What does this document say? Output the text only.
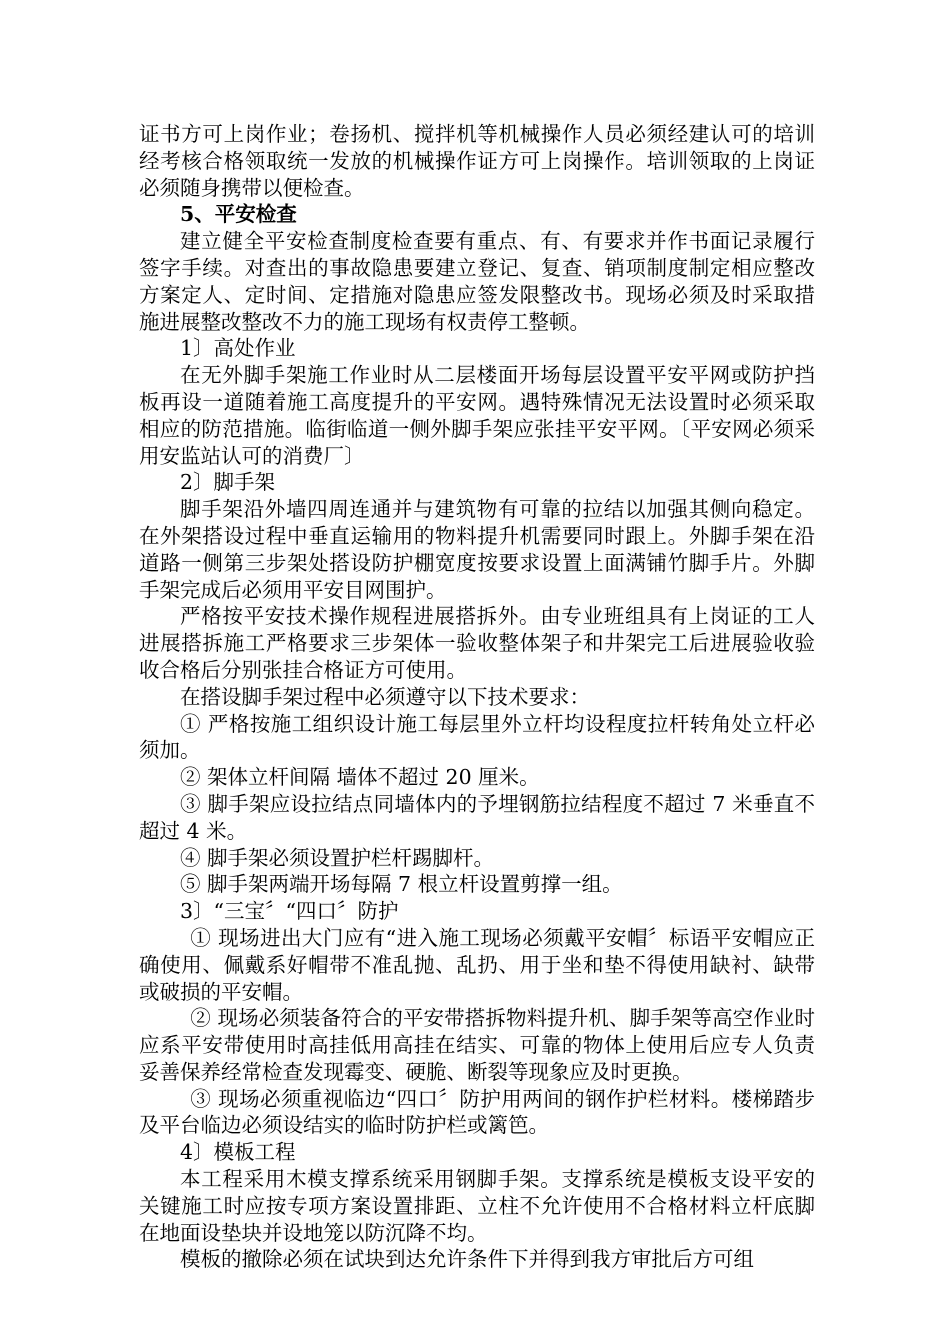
证书方可上岗作业；卷扬机、搅拌机等机械操作人员必须经建认可的培训经考核合格领取统一发放的机械操作证方可上岗操作。培训领取的上岗证必须随身携带以便检查。

5、平安检查

建立健全平安检查制度检查要有重点、有、有要求并作书面记录履行签字手续。对查出的事故隐患要建立登记、复查、销项制度制定相应整改方案定人、定时间、定措施对隐患应签发限整改书。现场必须及时采取措施进展整改整改不力的施工现场有权责停工整顿。

1〕高处作业

在无外脚手架施工作业时从二层楼面开场每层设置平安平网或防护挡板再设一道随着施工高度提升的平安网。遇特殊情况无法设置时必须采取相应的防范措施。临街临道一侧外脚手架应张挂平安平网。〔平安网必须采用安监站认可的消费厂〕

2〕脚手架

脚手架沿外墙四周连通并与建筑物有可靠的拉结以加强其侧向稳定。在外架搭设过程中垂直运输用的物料提升机需要同时跟上。外脚手架在沿道路一侧第三步架处搭设防护棚宽度按要求设置上面满铺竹脚手片。外脚手架完成后必须用平安目网围护。

严格按平安技术操作规程进展搭拆外。由专业班组具有上岗证的工人进展搭拆施工严格要求三步架体一验收整体架子和井架完工后进展验收验收合格后分别张挂合格证方可使用。

在搭设脚手架过程中必须遵守以下技术要求：

① 严格按施工组织设计施工每层里外立杆均设程度拉杆转角处立杆必须加。

② 架体立杆间隔 墙体不超过 20 厘米。

③ 脚手架应设拉结点同墙体内的予埋钢筋拉结程度不超过 7 米垂直不超过 4 米。

④ 脚手架必须设置护栏杆踢脚杆。

⑤ 脚手架两端开场每隔 7 根立杆设置剪撑一组。

3〕“三宝〞“四口〞防护

① 现场进出大门应有“进入施工现场必须戴平安帽〞标语平安帽应正确使用、佩戴系好帽带不准乱抛、乱扔、用于坐和垫不得使用缺衬、缺带或破损的平安帽。

② 现场必须装备符合的平安带搭拆物料提升机、脚手架等高空作业时应系平安带使用时高挂低用高挂在结实、可靠的物体上使用后应专人负责妥善保养经常检查发现霉变、硬脆、断裂等现象应及时更换。

③ 现场必须重视临边“四口〞防护用两间的钢作护栏材料。楼梯踏步及平台临边必须设结实的临时防护栏或篱笆。

4〕模板工程

本工程采用木模支撑系统采用钢脚手架。支撑系统是模板支设平安的关键施工时应按专项方案设置排距、立柱不允许使用不合格材料立杆底脚在地面设垫块并设地笼以防沉降不均。

模板的撤除必须在试块到达允许条件下并得到我方审批后方可组
